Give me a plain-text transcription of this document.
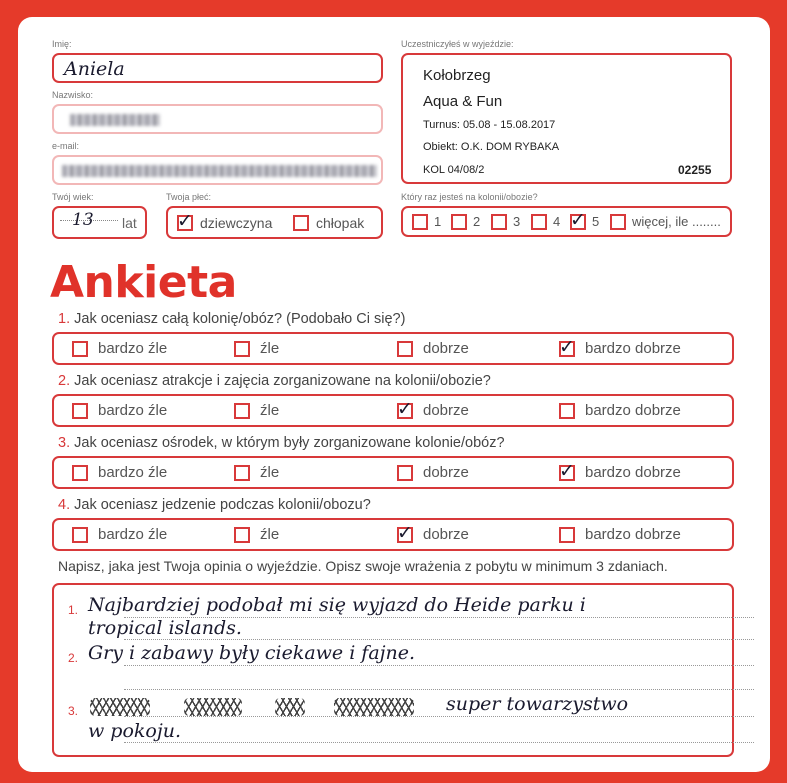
Imię:
Aniela
Nazwisko:
e-mail:
Twój wiek:
13 lat
Twoja płeć:
✓ dziewczyna	chłopak
Uczestniczyłeś w wyjeździe:
Kołobrzeg
Aqua & Fun
Turnus: 05.08 - 15.08.2017
Obiekt: O.K. DOM RYBAKA
KOL 04/08/2	02255
Który raz jesteś na kolonii/obozie?
1 2	3	4 ✓ 5	więcej, ile ........
Ankieta
1. Jak oceniasz całą kolonię/obóz? (Podobało Ci się?)
bardzo źle	źle	dobrze	✓ bardzo dobrze
2. Jak oceniasz atrakcje i zajęcia zorganizowane na kolonii/obozie?
bardzo źle	źle	✓ dobrze	bardzo dobrze
3. Jak oceniasz ośrodek, w którym były zorganizowane kolonie/obóz?
bardzo źle	źle	dobrze	✓ bardzo dobrze
4. Jak oceniasz jedzenie podczas kolonii/obozu?
bardzo źle	źle	✓ dobrze	bardzo dobrze
Napisz, jaka jest Twoja opinia o wyjeździe. Opisz swoje wrażenia z pobytu w minimum 3 zdaniach.
1. Najbardziej podobał mi się wyjazd do Heide parku i
tropical islands.
2. Gry i zabawy były ciekawe i fajne.
3.	super towarzystwo
w pokoju.
